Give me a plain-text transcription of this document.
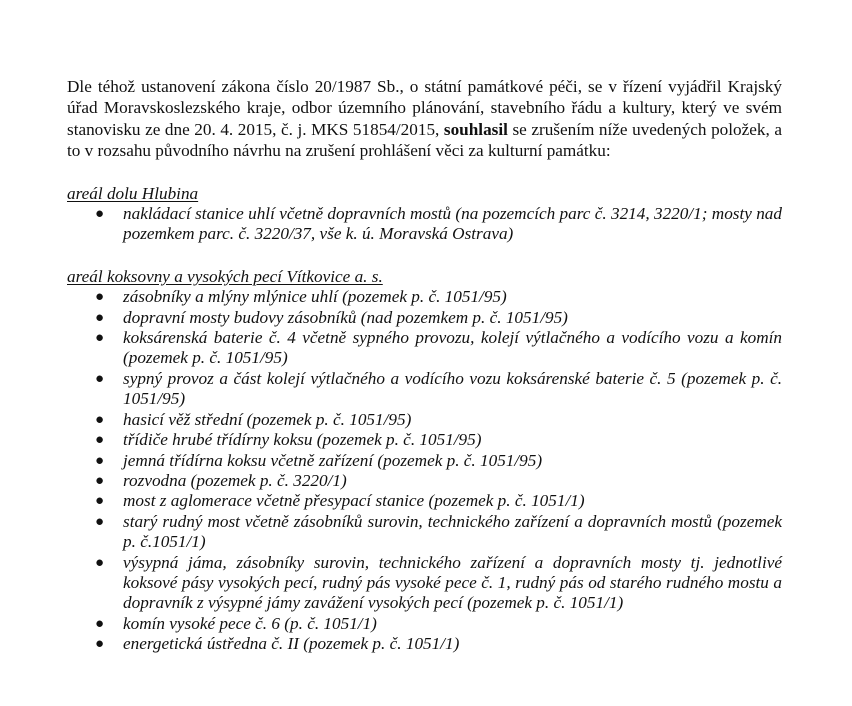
Dle téhož ustanovení zákona číslo 20/1987 Sb., o státní památkové péči, se v řízení vyjádřil Krajský úřad Moravskoslezského kraje, odbor územního plánování, stavebního řádu a kultury, který ve svém stanovisku ze dne 20. 4. 2015, č. j. MKS 51854/2015, souhlasil se zrušením níže uvedených položek, a to v rozsahu původního návrhu na zrušení prohlášení věci za kulturní památku:

areál dolu Hlubina

● nakládací stanice uhlí včetně dopravních mostů (na pozemcích parc č. 3214, 3220/1; mosty nad pozemkem parc. č. 3220/37, vše k. ú. Moravská Ostrava)

areál koksovny a vysokých pecí Vítkovice a. s.

● zásobníky a mlýny mlýnice uhlí (pozemek p. č. 1051/95)
● dopravní mosty budovy zásobníků (nad pozemkem p. č. 1051/95)
● koksárenská baterie č. 4 včetně sypného provozu, kolejí výtlačného a vodícího vozu a komín (pozemek p. č. 1051/95)
● sypný provoz a část kolejí výtlačného a vodícího vozu koksárenské baterie č. 5 (pozemek p. č. 1051/95)
● hasicí věž střední (pozemek p. č. 1051/95)
● třídiče hrubé třídírny koksu (pozemek p. č. 1051/95)
● jemná třídírna koksu včetně zařízení (pozemek p. č. 1051/95)
● rozvodna (pozemek p. č. 3220/1)
● most z aglomerace včetně přesypací stanice (pozemek p. č. 1051/1)
● starý rudný most včetně zásobníků surovin, technického zařízení a dopravních mostů (pozemek p. č.1051/1)
● výsypná jáma, zásobníky surovin, technického zařízení a dopravních mosty tj. jednotlivé koksové pásy vysokých pecí, rudný pás vysoké pece č. 1, rudný pás od starého rudného mostu a dopravník z výsypné jámy zavážení vysokých pecí (pozemek p. č. 1051/1)
● komín vysoké pece č. 6 (p. č. 1051/1)
● energetická ústředna č. II (pozemek p. č. 1051/1)
